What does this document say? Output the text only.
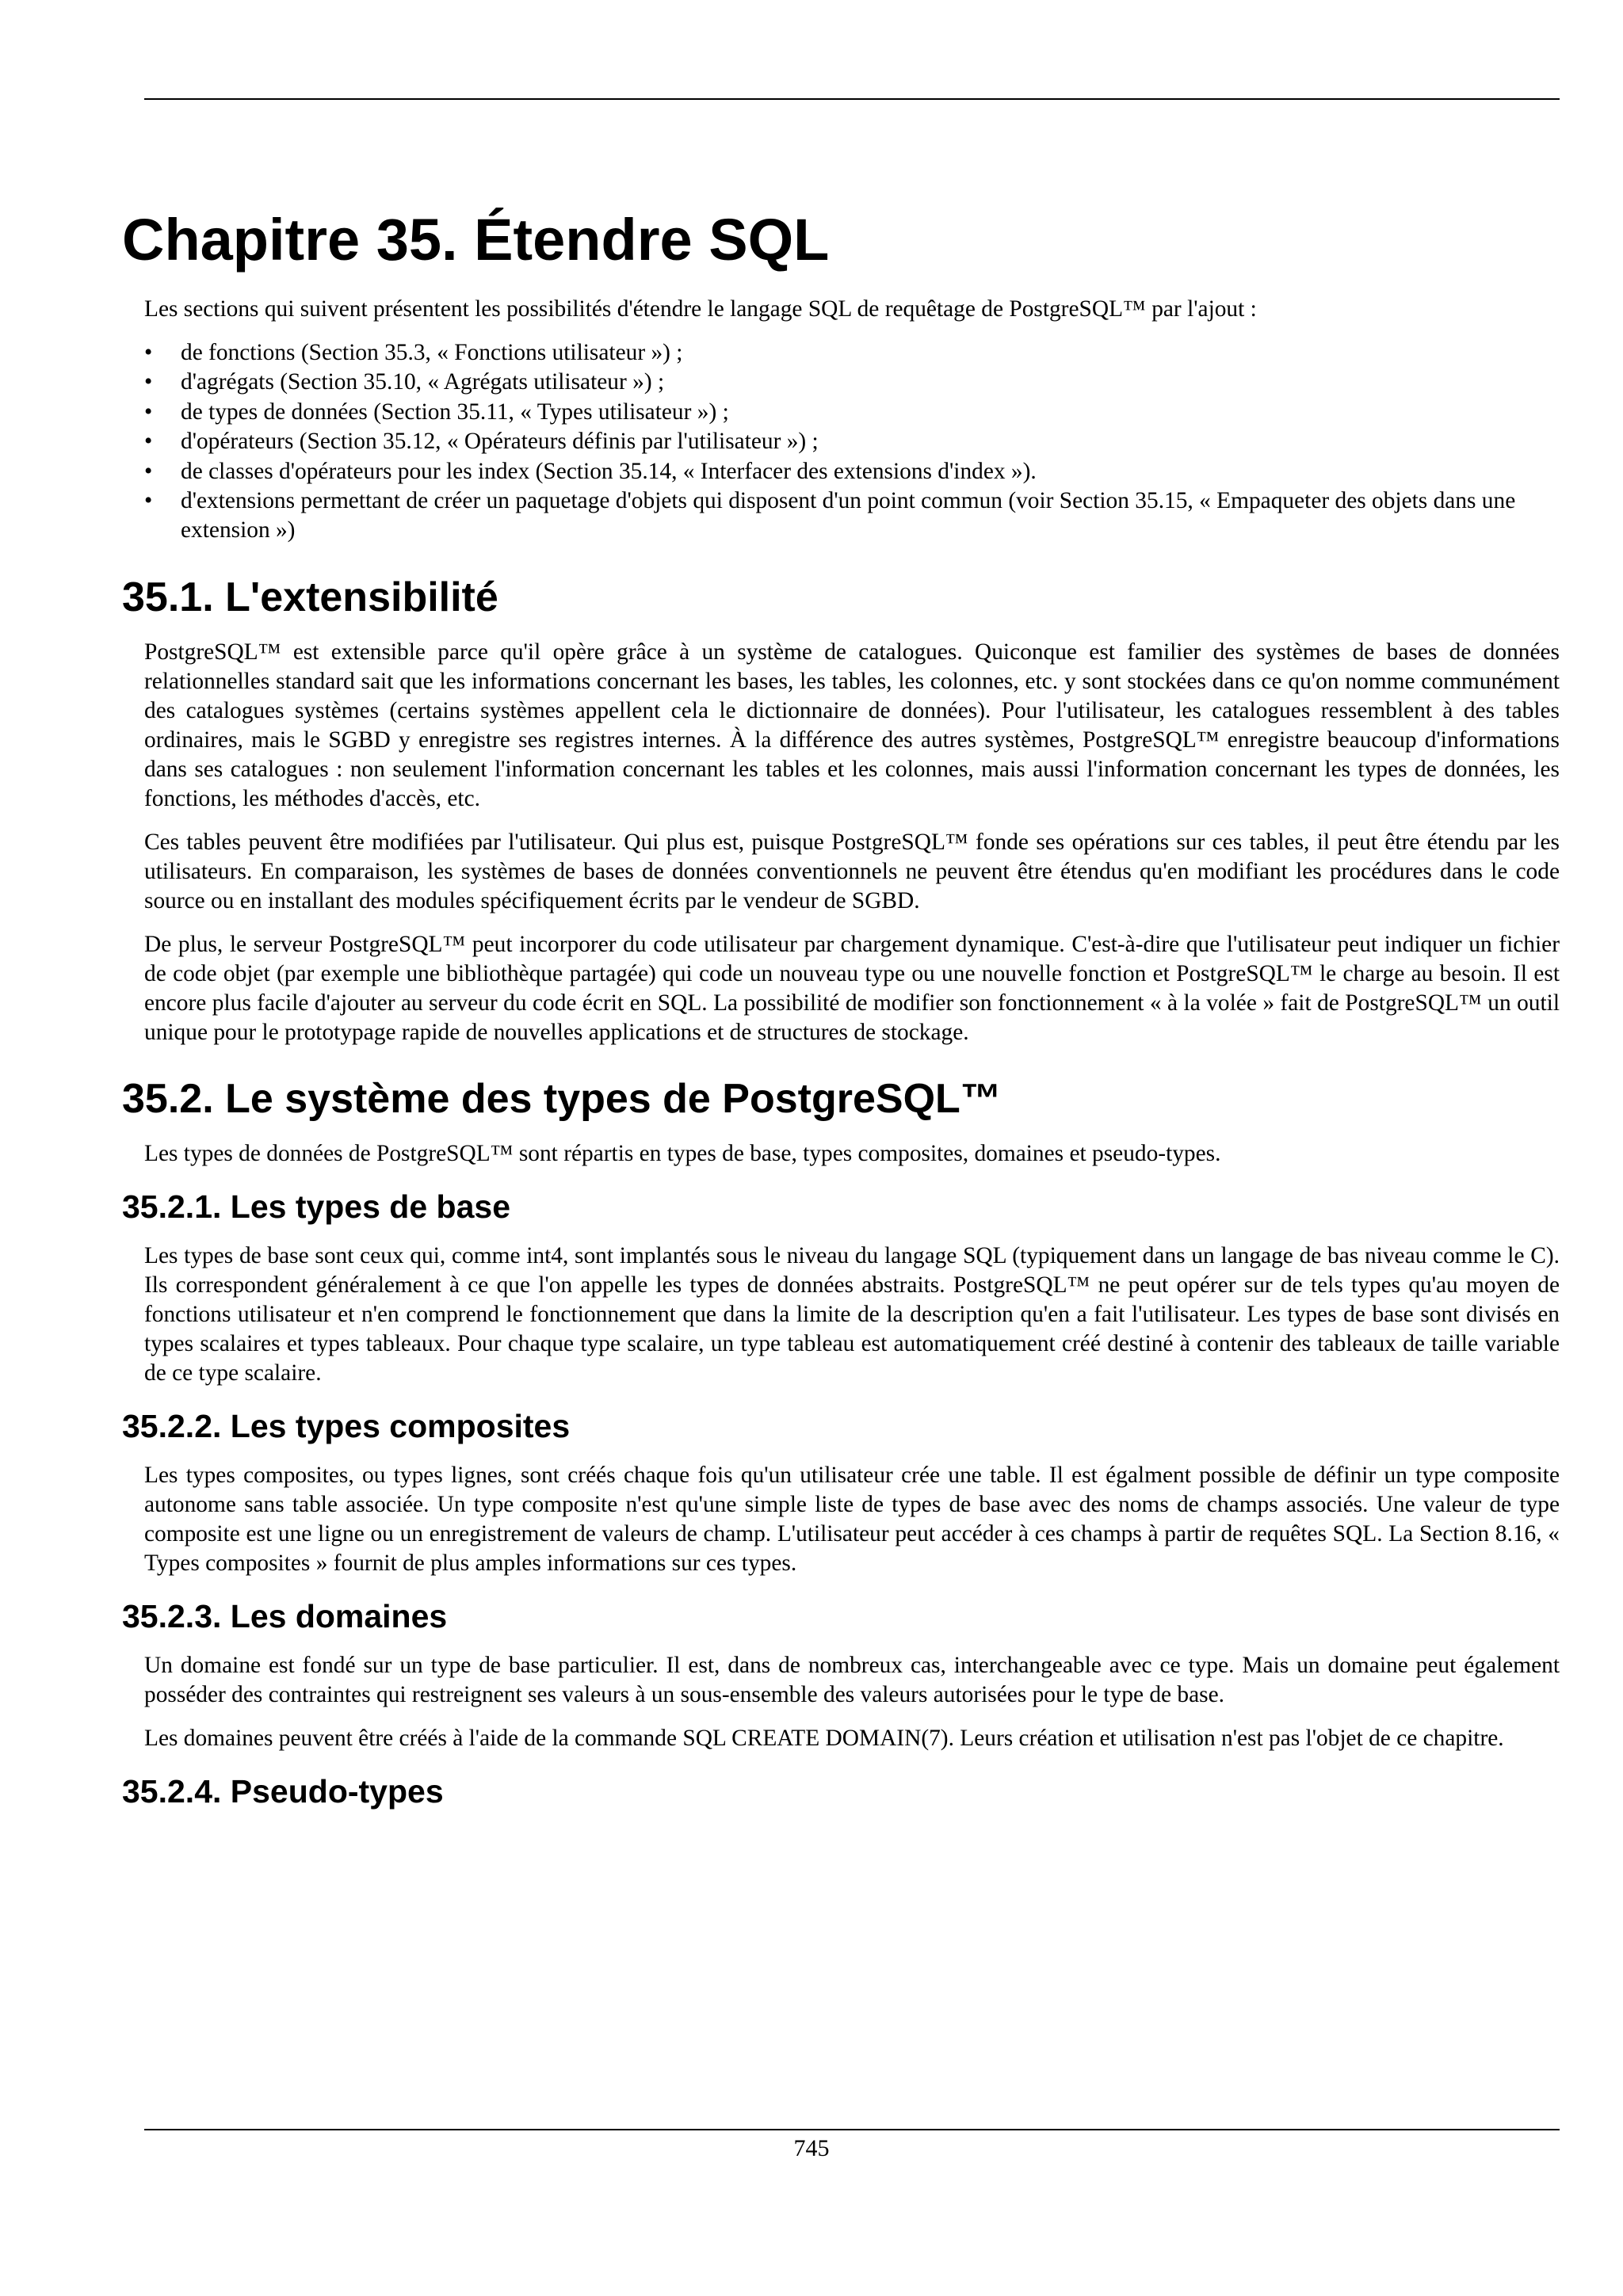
Chapitre 35. Étendre SQL

Les sections qui suivent présentent les possibilités d'étendre le langage SQL de requêtage de PostgreSQL™ par l'ajout :

• de fonctions (Section 35.3, « Fonctions utilisateur ») ;
• d'agrégats (Section 35.10, « Agrégats utilisateur ») ;
• de types de données (Section 35.11, « Types utilisateur ») ;
• d'opérateurs (Section 35.12, « Opérateurs définis par l'utilisateur ») ;
• de classes d'opérateurs pour les index (Section 35.14, « Interfacer des extensions d'index »).
• d'extensions permettant de créer un paquetage d'objets qui disposent d'un point commun (voir Section 35.15, « Empaqueter des objets dans une extension »)
35.1. L'extensibilité

PostgreSQL™ est extensible parce qu'il opère grâce à un système de catalogues. Quiconque est familier des systèmes de bases de données relationnelles standard sait que les informations concernant les bases, les tables, les colonnes, etc. y sont stockées dans ce qu'on nomme communément des catalogues systèmes (certains systèmes appellent cela le dictionnaire de données). Pour l'utilisateur, les catalogues ressemblent à des tables ordinaires, mais le SGBD y enregistre ses registres internes. À la différence des autres systèmes, PostgreSQL™ enregistre beaucoup d'informations dans ses catalogues : non seulement l'information concernant les tables et les colonnes, mais aussi l'information concernant les types de données, les fonctions, les méthodes d'accès, etc.

Ces tables peuvent être modifiées par l'utilisateur. Qui plus est, puisque PostgreSQL™ fonde ses opérations sur ces tables, il peut être étendu par les utilisateurs. En comparaison, les systèmes de bases de données conventionnels ne peuvent être étendus qu'en modifiant les procédures dans le code source ou en installant des modules spécifiquement écrits par le vendeur de SGBD.

De plus, le serveur PostgreSQL™ peut incorporer du code utilisateur par chargement dynamique. C'est-à-dire que l'utilisateur peut indiquer un fichier de code objet (par exemple une bibliothèque partagée) qui code un nouveau type ou une nouvelle fonction et PostgreSQL™ le charge au besoin. Il est encore plus facile d'ajouter au serveur du code écrit en SQL. La possibilité de modifier son fonctionnement « à la volée » fait de PostgreSQL™ un outil unique pour le prototypage rapide de nouvelles applications et de structures de stockage.

35.2. Le système des types de PostgreSQL™

Les types de données de PostgreSQL™ sont répartis en types de base, types composites, domaines et pseudo-types.

35.2.1. Les types de base

Les types de base sont ceux qui, comme int4, sont implantés sous le niveau du langage SQL (typiquement dans un langage de bas niveau comme le C). Ils correspondent généralement à ce que l'on appelle les types de données abstraits. PostgreSQL™ ne peut opérer sur de tels types qu'au moyen de fonctions utilisateur et n'en comprend le fonctionnement que dans la limite de la description qu'en a fait l'utilisateur. Les types de base sont divisés en types scalaires et types tableaux. Pour chaque type scalaire, un type tableau est automatiquement créé destiné à contenir des tableaux de taille variable de ce type scalaire.

35.2.2. Les types composites

Les types composites, ou types lignes, sont créés chaque fois qu'un utilisateur crée une table. Il est égalment possible de définir un type composite autonome sans table associée. Un type composite n'est qu'une simple liste de types de base avec des noms de champs associés. Une valeur de type composite est une ligne ou un enregistrement de valeurs de champ. L'utilisateur peut accéder à ces champs à partir de requêtes SQL. La Section 8.16, « Types composites » fournit de plus amples informations sur ces types.

35.2.3. Les domaines

Un domaine est fondé sur un type de base particulier. Il est, dans de nombreux cas, interchangeable avec ce type. Mais un domaine peut également posséder des contraintes qui restreignent ses valeurs à un sous-ensemble des valeurs autorisées pour le type de base.

Les domaines peuvent être créés à l'aide de la commande SQL CREATE DOMAIN(7). Leurs création et utilisation n'est pas l'objet de ce chapitre.

35.2.4. Pseudo-types
745
